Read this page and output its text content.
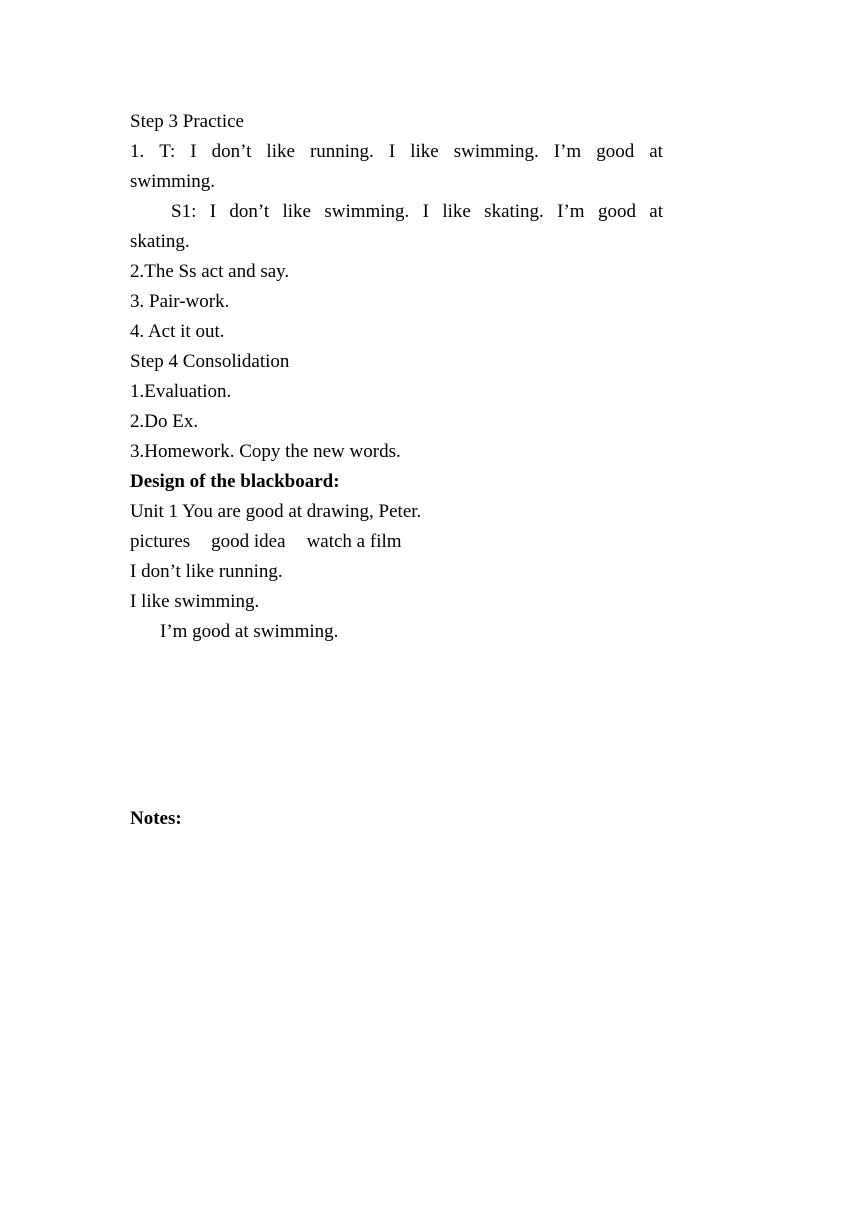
Step 3 Practice
1. T: I don’t like running. I like swimming. I’m good at
swimming.
S1: I don’t like swimming. I like skating. I’m good at
skating.
2.The Ss act and say.
3. Pair-work.
4. Act it out.
Step 4 Consolidation
1.Evaluation.
2.Do Ex.
3.Homework. Copy the new words.
Design of the blackboard:
Unit 1 You are good at drawing, Peter.
pictures good idea watch a film
I don’t like running.
I like swimming.
I’m good at swimming.
Notes:
